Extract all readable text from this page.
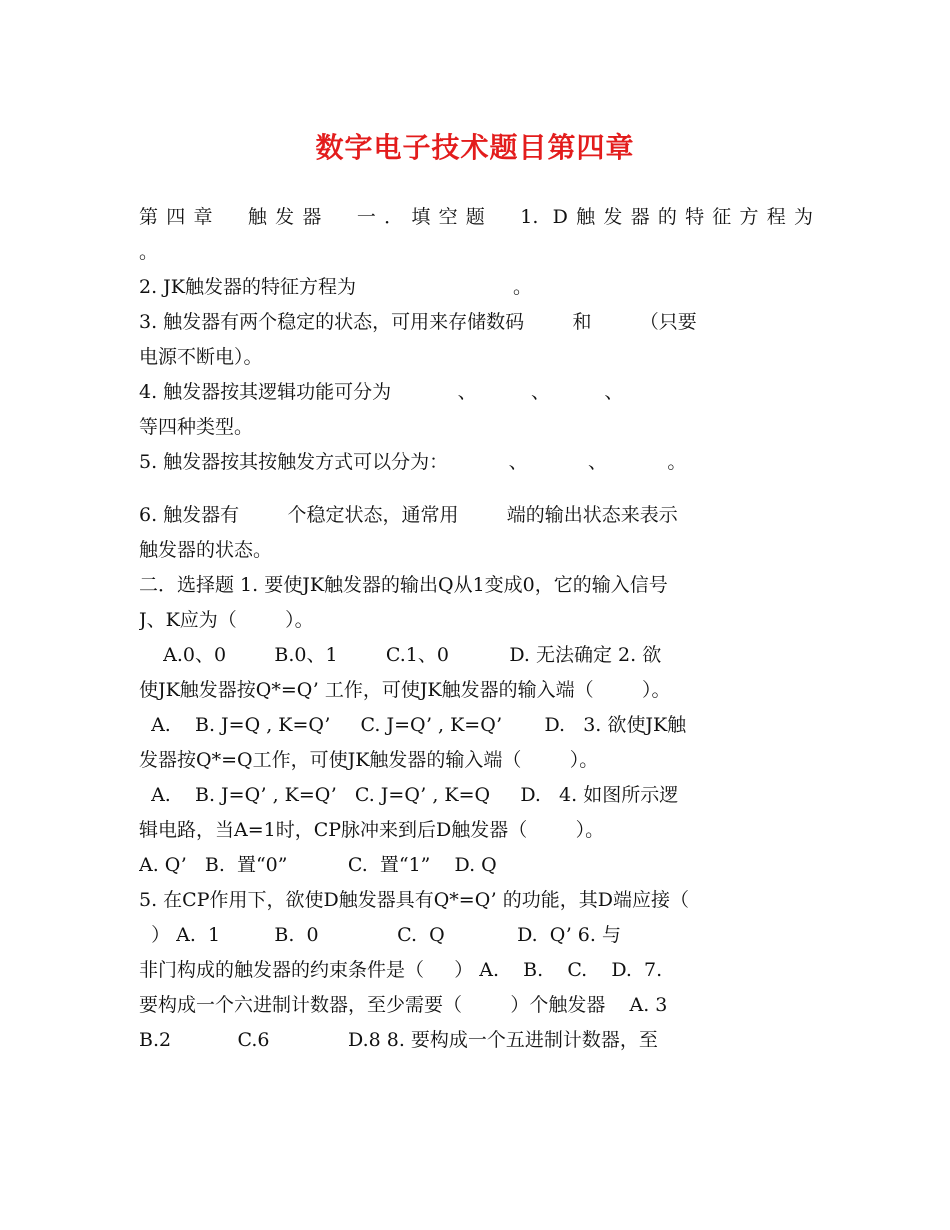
数字电子技术题目第四章
第四章　触发器　一．填空题　1. D触发器的特征方程为
。
2. JK触发器的特征方程为                          。
3. 触发器有两个稳定的状态，可用来存储数码        和        （只要
电源不断电）。
4. 触发器按其逻辑功能可分为           、         、         、
等四种类型。
5. 触发器按其按触发方式可以分为：          、          、          。
6. 触发器有        个稳定状态，通常用        端的输出状态来表示
触发器的状态。
二．选择题 1. 要使JK触发器的输出Q从1变成0，它的输入信号
J、K应为（        ）。
A.0、0        B.0、1        C.1、0          D. 无法确定 2. 欲
使JK触发器按Q*=Q’ 工作，可使JK触发器的输入端（        ）。
A.    B. J=Q , K=Q’     C. J=Q’ , K=Q’       D.   3. 欲使JK触
发器按Q*=Q工作，可使JK触发器的输入端（        ）。
A.    B. J=Q’ , K=Q’   C. J=Q’ , K=Q     D.   4. 如图所示逻
辑电路，当A=1时，CP脉冲来到后D触发器（        ）。
A. Q’   B.  置“0”          C.  置“1”    D. Q
5. 在CP作用下，欲使D触发器具有Q*=Q’ 的功能，其D端应接（
） A.  1         B.  0             C.  Q            D.  Q’ 6. 与
非门构成的触发器的约束条件是（     ） A.    B.    C.    D.  7.
要构成一个六进制计数器，至少需要（        ）个触发器    A. 3
B.2           C.6             D.8 8. 要构成一个五进制计数器，至
